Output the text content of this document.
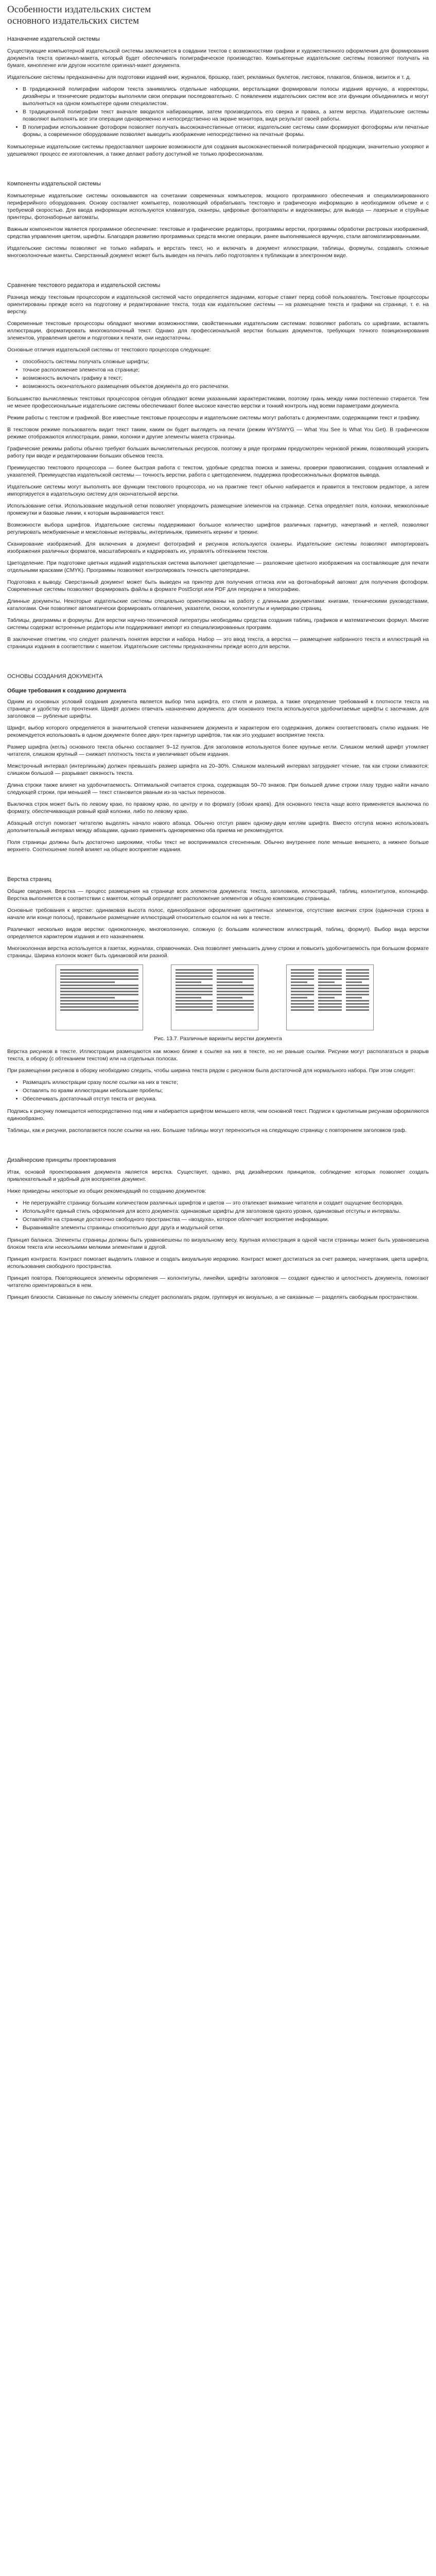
Особенности издательских систем
основного издательских систем
Назначение издательской системы

Существующие компьютерной издательской системы заключается в совдании текстов с возможностями графики и художественного оформления для формирования документа текста оригинал-макета, который будет обеспечивать полиграфическое производство. Компьютерные издательские системы позволяют получать на бумаге, кинопленке или другом носителе оригинал-макет документа.

Издательские системы предназначены для подготовки изданий книг, журналов, брошюр, газет, рекламных буклетов, листовок, плакатов, бланков, визиток и т. д.

• В традиционной полиграфии набором текста занимались отдельные наборщики, верстальщики формировали полосы издания вручную, а корректоры, дизайнеры и технические редакторы выполняли свои операции последовательно. С появлением издательских систем все эти функции объединились и могут выполняться на одном компьютере одним специалистом.
• В традиционной полиграфии текст вначале вводился набирающими, затем производилось его сверка и правка, а затем верстка. Издательские системы позволяют выполнять все эти операции одновременно и непосредственно на экране монитора, видя результат своей работы.
• В полиграфии использование фотоформ позволяет получать высококачественные оттиски; издательские системы сами формируют фотоформы или печатные формы, а современное оборудование позволяет выводить изображение непосредственно на печатные формы.

Компьютерные издательские системы предоставляют широкие возможности для создания высококачественной полиграфической продукции, значительно ускоряют и удешевляют процесс ее изготовления, а также делают работу доступной не только профессионалам.

Компоненты издательской системы

Компьютерные издательские системы основываются на сочетании современных компьютеров, мощного программного обеспечения и специализированного периферийного оборудования. Основу составляет компьютер, позволяющий обрабатывать текстовую и графическую информацию в необходимом объеме и с требуемой скоростью. Для ввода информации используются клавиатура, сканеры, цифровые фотоаппараты и видеокамеры; для вывода — лазерные и струйные принтеры, фотонаборные автоматы.

Важным компонентом является программное обеспечение: текстовые и графические редакторы, программы верстки, программы обработки растровых изображений, средства управления цветом, шрифты. Благодаря развитию программных средств многие операции, ранее выполнявшиеся вручную, стали автоматизированными.

Издательские системы позволяют не только набирать и верстать текст, но и включать в документ иллюстрации, таблицы, формулы, создавать сложные многоколоночные макеты. Сверстанный документ может быть выведен на печать либо подготовлен к публикации в электронном виде.

Сравнение текстового редактора и издательской системы

Разница между текстовым процессором и издательской системой часто определяется задачами, которые ставит перед собой пользователь. Текстовые процессоры ориентированы прежде всего на подготовку и редактирование текста, тогда как издательские системы — на размещение текста и графики на странице, т. е. на верстку.

Современные текстовые процессоры обладают многими возможностями, свойственными издательским системам: позволяют работать со шрифтами, вставлять иллюстрации, форматировать многоколоночный текст. Однако для профессиональной верстки больших документов, требующих точного позиционирования элементов, управления цветом и подготовки к печати, они недостаточны.

Основные отличия издательской системы от текстового процессора следующие:

• способность системы получать сложные шрифты;
• точное расположение элементов на странице;
• возможность включать графику в текст;
• возможность окончательного размещения объектов документа до его распечатки.

Большинство вычисляемых текстовых процессоров сегодня обладают всеми указанными характеристиками, поэтому грань между ними постепенно стирается. Тем не менее профессиональные издательские системы обеспечивают более высокое качество верстки и тонкий контроль над всеми параметрами документа.

Режим работы с текстом и графикой. Все известные текстовые процессоры и издательские системы могут работать с документами, содержащими текст и графику.

В текстовом режиме пользователь видит текст таким, каким он будет выглядеть на печати (режим WYSIWYG — What You See Is What You Get). В графическом режиме отображаются иллюстрации, рамки, колонки и другие элементы макета страницы.

Графические режимы работы обычно требуют больших вычислительных ресурсов, поэтому в ряде программ предусмотрен черновой режим, позволяющий ускорить работу при вводе и редактировании больших объемов текста.

Преимущество текстового процессора — более быстрая работа с текстом, удобные средства поиска и замены, проверки правописания, создания оглавлений и указателей. Преимущества издательской системы — точность верстки, работа с цветоделением, поддержка профессиональных форматов вывода.

Издательские системы могут выполнять все функции текстового процессора, но на практике текст обычно набирается и правится в текстовом редакторе, а затем импортируется в издательскую систему для окончательной верстки.

Использование сетки. Использование модульной сетки позволяет упорядочить размещение элементов на странице. Сетка определяет поля, колонки, межколонные промежутки и базовые линии, к которым выравнивается текст.

Возможности выбора шрифтов. Издательские системы поддерживают большое количество шрифтов различных гарнитур, начертаний и кеглей, позволяют регулировать межбуквенные и межсловные интервалы, интерлиньяж, применять кернинг и трекинг.

Сканирование изображений. Для включения в документ фотографий и рисунков используются сканеры. Издательские системы позволяют импортировать изображения различных форматов, масштабировать и кадрировать их, управлять обтеканием текстом.

Цветоделение. При подготовке цветных изданий издательская система выполняет цветоделение — разложение цветного изображения на составляющие для печати отдельными красками (CMYK). Программы позволяют контролировать точность цветопередачи.

Подготовка к выводу. Сверстанный документ может быть выведен на принтер для получения оттиска или на фотонаборный автомат для получения фотоформ. Современные системы позволяют формировать файлы в формате PostScript или PDF для передачи в типографию.

Длинные документы. Некоторые издательские системы специально ориентированы на работу с длинными документами: книгами, техническими руководствами, каталогами. Они позволяют автоматически формировать оглавления, указатели, сноски, колонтитулы и нумерацию страниц.

Таблицы, диаграммы и формулы. Для верстки научно-технической литературы необходимы средства создания таблиц, графиков и математических формул. Многие системы содержат встроенные редакторы или поддерживают импорт из специализированных программ.

В заключение отметим, что следует различать понятия верстки и набора. Набор — это ввод текста, а верстка — размещение набранного текста и иллюстраций на страницах издания в соответствии с макетом. Издательские системы предназначены прежде всего для верстки.

ОСНОВЫ СОЗДАНИЯ ДОКУМЕНТА
Общие требования к созданию документа

Одним из основных условий создания документа является выбор типа шрифта, его стиля и размера, а также определение требований к плотности текста на странице и удобству его прочтения. Шрифт должен отвечать назначению документа: для основного текста используются удобочитаемые шрифты с засечками, для заголовков — рубленые шрифты.

Шрифт, выбор которого определяется в значительной степени назначением документа и характером его содержания, должен соответствовать стилю издания. Не рекомендуется использовать в одном документе более двух-трех гарнитур шрифтов, так как это ухудшает восприятие текста.

Размер шрифта (кегль) основного текста обычно составляет 9–12 пунктов. Для заголовков используются более крупные кегли. Слишком мелкий шрифт утомляет читателя, слишком крупный — снижает плотность текста и увеличивает объем издания.

Межстрочный интервал (интерлиньяж) должен превышать размер шрифта на 20–30%. Слишком маленький интервал затрудняет чтение, так как строки сливаются; слишком большой — разрывает связность текста.

Длина строки также влияет на удобочитаемость. Оптимальной считается строка, содержащая 50–70 знаков. При большей длине строки глазу трудно найти начало следующей строки, при меньшей — текст становится рваным из-за частых переносов.

Выключка строк может быть по левому краю, по правому краю, по центру и по формату (обоих краев). Для основного текста чаще всего применяется выключка по формату, обеспечивающая ровный край колонки, либо по левому краю.

Абзацный отступ помогает читателю выделять начало нового абзаца. Обычно отступ равен одному-двум кеглям шрифта. Вместо отступа можно использовать дополнительный интервал между абзацами, однако применять одновременно оба приема не рекомендуется.

Поля страницы должны быть достаточно широкими, чтобы текст не воспринимался стесненным. Обычно внутреннее поле меньше внешнего, а нижнее больше верхнего. Соотношение полей влияет на общее восприятие издания.

Верстка страниц

Общие сведения. Верстка — процесс размещения на странице всех элементов документа: текста, заголовков, иллюстраций, таблиц, колонтитулов, колонцифр. Верстка выполняется в соответствии с макетом, который определяет расположение элементов и общую композицию страницы.

Основные требования к верстке: одинаковая высота полос, единообразное оформление однотипных элементов, отсутствие висячих строк (одиночная строка в начале или конце полосы), правильное размещение иллюстраций относительно ссылок на них в тексте.

Различают несколько видов верстки: одноколонную, многоколонную, сложную (с большим количеством иллюстраций, таблиц, формул). Выбор вида верстки определяется характером издания и его назначением.

Многоколонная верстка используется в газетах, журналах, справочниках. Она позволяет уменьшить длину строки и повысить удобочитаемость при большом формате страницы. Ширина колонок может быть одинаковой или разной.

Рис. 13.7. Различные варианты верстки документа

Верстка рисунков в тексте. Иллюстрации размещаются как можно ближе к ссылке на них в тексте, но не раньше ссылки. Рисунки могут располагаться в разрыв текста, в оборку (с обтеканием текстом) или на отдельных полосах.

При размещении рисунков в оборку необходимо следить, чтобы ширина текста рядом с рисунком была достаточной для нормального набора. При этом следует:

• Размещать иллюстрации сразу после ссылки на них в тексте;
• Оставлять по краям иллюстрации небольшие пробелы;
• Обеспечивать достаточный отступ текста от рисунка.

Подпись к рисунку помещается непосредственно под ним и набирается шрифтом меньшего кегля, чем основной текст. Подписи к однотипным рисункам оформляются единообразно.

Таблицы, как и рисунки, располагаются после ссылки на них. Большие таблицы могут переноситься на следующую страницу с повторением заголовков граф.

Дизайнерские принципы проектирования

Итак, основой проектирования документа является верстка. Существует, однако, ряд дизайнерских принципов, соблюдение которых позволяет создать привлекательный и удобный для восприятия документ.

Ниже приведены некоторые из общих рекомендаций по созданию документов:

• Не перегружайте страницу большим количеством различных шрифтов и цветов — это отвлекает внимание читателя и создает ощущение беспорядка.
• Используйте единый стиль оформления для всего документа: одинаковые шрифты для заголовков одного уровня, одинаковые отступы и интервалы.
• Оставляйте на странице достаточно свободного пространства — «воздуха», которое облегчает восприятие информации.
• Выравнивайте элементы страницы относительно друг друга и модульной сетки.

Принцип баланса. Элементы страницы должны быть уравновешены по визуальному весу. Крупная иллюстрация в одной части страницы может быть уравновешена блоком текста или несколькими мелкими элементами в другой.

Принцип контраста. Контраст помогает выделить главное и создать визуальную иерархию. Контраст может достигаться за счет размера, начертания, цвета шрифта, использования свободного пространства.

Принцип повтора. Повторяющиеся элементы оформления — колонтитулы, линейки, шрифты заголовков — создают единство и целостность документа, помогают читателю ориентироваться в нем.

Принцип близости. Связанные по смыслу элементы следует располагать рядом, группируя их визуально, а не связанные — разделять свободным пространством.
